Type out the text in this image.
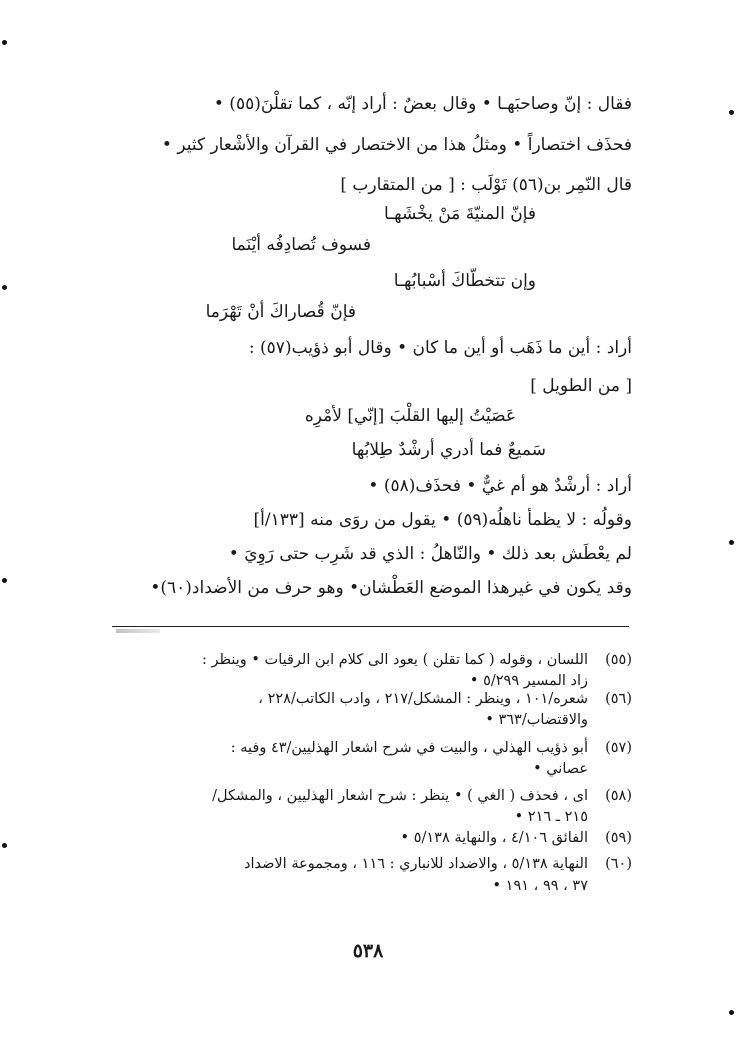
فقال : إنّ وصاحبَهـا • وقال بعضٌ : أراد إنّه ، كما تقلْنَ(٥٥) •
فحذَف اختصاراً • ومثلُ هذا من الاختصار في القرآن والأشْعار كثير •
قال النّمِر بن(٥٦) تَوْلَب : [ من المتقارب ]
فإنّ المنيّةَ مَنْ يخْشَهـا
فسوف تُصادِفُه أيْنَما
وإن تتخطّاكَ أسْبابُهـا
فإنّ قُصاراكَ أنْ تَهْرَما
أراد : أين ما ذَهَب أو أين ما كان • وقال أبو ذؤيب(٥٧) :
[ من الطويل ]
عَصَيْتُ إليها القلْبَ [إنّي] لأمْرِه
سَميعٌ فما أدري أرشْدٌ طِلابُها
أراد : أرشْدٌ هو أم غيٌّ • فحذَف(٥٨) •
وقولُه : لا يظمأ ناهلُه(٥٩) • يقول من روَى منه [١٣٣/أ]
لم يعْطَش بعد ذلك • والنّاهلُ : الذي قد شَرِب حتى رَوِيَ •
وقد يكون في غيرهذا الموضع العَطْشان• وهو حرف من الأضداد(٦٠)•
(٥٥)
اللسان ، وقوله ( كما تقلن ) يعود الى كلام ابن الرقيات • وينظر :
زاد المسير ٥/٢٩٩ •
(٥٦)
شعره/١٠١ ، وينظر : المشكل/٢١٧ ، وادب الكاتب/٢٢٨ ،
والاقتضاب/٣٦٣ •
(٥٧)
أبو ذؤيب الهذلي ، والبيت في شرح اشعار الهذليين/٤٣ وفيه :
عصاني •
(٥٨)
اى ، فحذف ( الغي ) • ينظر : شرح اشعار الهذليين ، والمشكل/
٢١٥ ـ ٢١٦ •
(٥٩)
الفائق ٤/١٠٦ ، والنهاية ٥/١٣٨ •
(٦٠)
النهاية ٥/١٣٨ ، والاضداد للانباري : ١١٦ ، ومجموعة الاضداد
٣٧ ، ٩٩ ، ١٩١ •
٥٣٨
